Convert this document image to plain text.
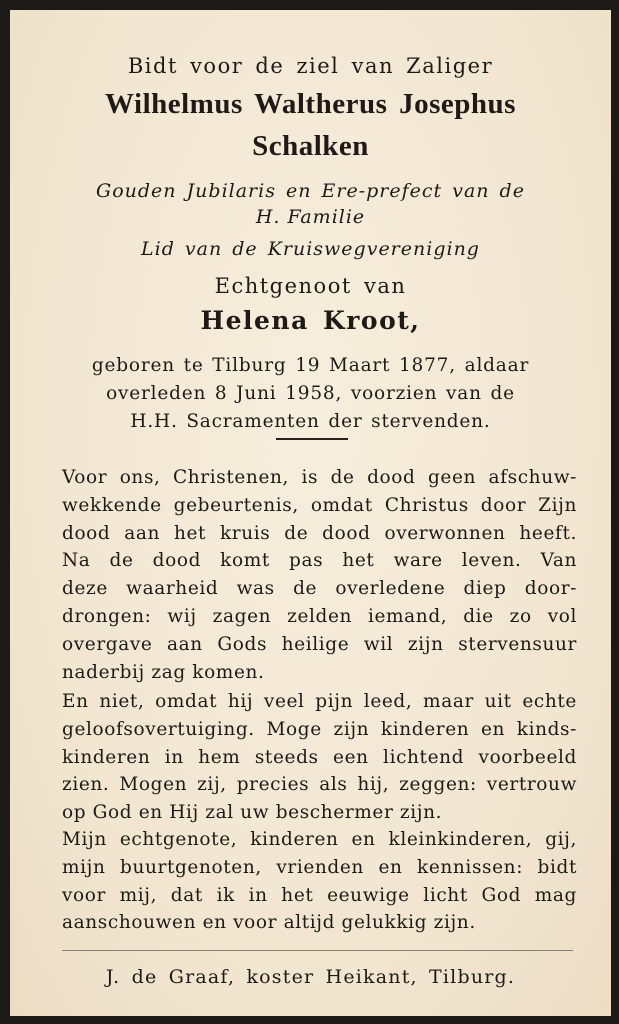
Bidt voor de ziel van Zaliger
Wilhelmus Waltherus Josephus
Schalken
Gouden Jubilaris en Ere-prefect van de
H. Familie
Lid van de Kruiswegvereniging
Echtgenoot van
Helena Kroot,
geboren te Tilburg 19 Maart 1877, aldaar
overleden 8 Juni 1958, voorzien van de
H.H. Sacramenten der stervenden.
Voor ons, Christenen, is de dood geen afschuw-
wekkende gebeurtenis, omdat Christus door Zijn
dood aan het kruis de dood overwonnen heeft.
Na de dood komt pas het ware leven. Van
deze waarheid was de overledene diep door-
drongen: wij zagen zelden iemand, die zo vol
overgave aan Gods heilige wil zijn stervensuur
naderbij zag komen.
En niet, omdat hij veel pijn leed, maar uit echte
geloofsovertuiging. Moge zijn kinderen en kinds-
kinderen in hem steeds een lichtend voorbeeld
zien. Mogen zij, precies als hij, zeggen: vertrouw
op God en Hij zal uw beschermer zijn.
Mijn echtgenote, kinderen en kleinkinderen, gij,
mijn buurtgenoten, vrienden en kennissen: bidt
voor mij, dat ik in het eeuwige licht God mag
aanschouwen en voor altijd gelukkig zijn.
J. de Graaf, koster Heikant, Tilburg.
